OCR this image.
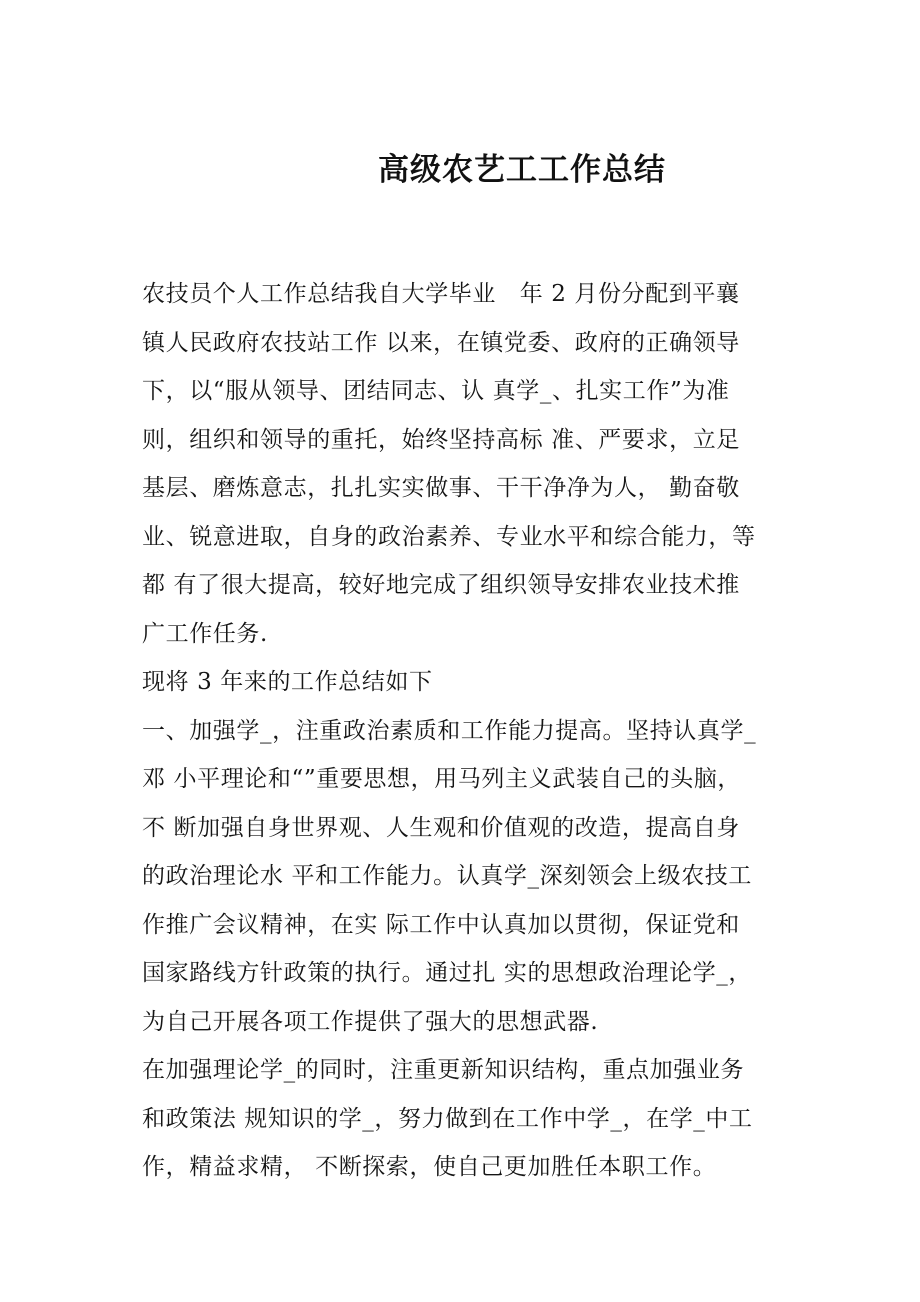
高级农艺工工作总结

农技员个人工作总结我自大学毕业   年 2 月份分配到平襄

镇人民政府农技站工作 以来，在镇党委、政府的正确领导

下，以“服从领导、团结同志、认 真学_、扎实工作”为准

则，组织和领导的重托，始终坚持高标 准、严要求，立足

基层、磨炼意志，扎扎实实做事、干干净净为人， 勤奋敬

业、锐意进取，自身的政治素养、专业水平和综合能力，等

都 有了很大提高，较好地完成了组织领导安排农业技术推

广工作任务.

现将 3 年来的工作总结如下

一、加强学_，注重政治素质和工作能力提高。坚持认真学_

邓 小平理论和“”重要思想，用马列主义武装自己的头脑，

不 断加强自身世界观、人生观和价值观的改造，提高自身

的政治理论水 平和工作能力。认真学_深刻领会上级农技工

作推广会议精神，在实 际工作中认真加以贯彻，保证党和

国家路线方针政策的执行。通过扎 实的思想政治理论学_，

为自己开展各项工作提供了强大的思想武器.

在加强理论学_的同时，注重更新知识结构，重点加强业务

和政策法 规知识的学_，努力做到在工作中学_，在学_中工

作，精益求精， 不断探索，使自己更加胜任本职工作。
